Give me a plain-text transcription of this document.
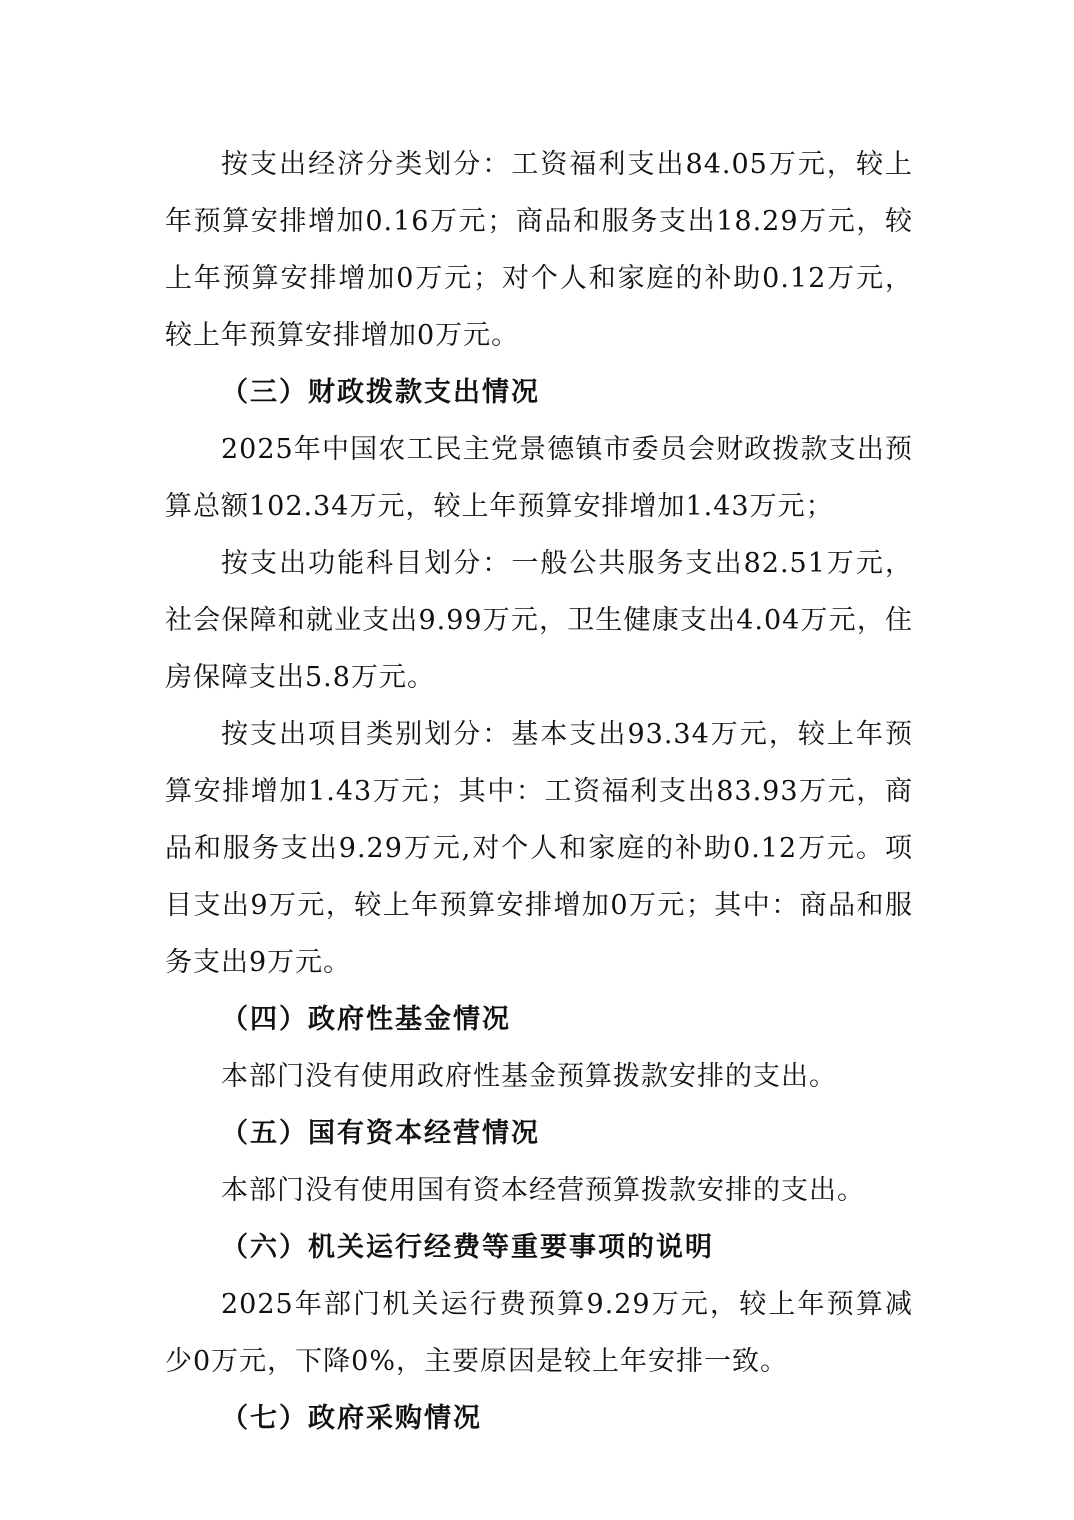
按支出经济分类划分：工资福利支出84.05万元，较上年预算安排增加0.16万元；商品和服务支出18.29万元，较上年预算安排增加0万元；对个人和家庭的补助0.12万元，较上年预算安排增加0万元。

（三）财政拨款支出情况

2025年中国农工民主党景德镇市委员会财政拨款支出预算总额102.34万元，较上年预算安排增加1.43万元；

按支出功能科目划分：一般公共服务支出82.51万元，社会保障和就业支出9.99万元，卫生健康支出4.04万元，住房保障支出5.8万元。

按支出项目类别划分：基本支出93.34万元，较上年预算安排增加1.43万元；其中：工资福利支出83.93万元，商品和服务支出9.29万元,对个人和家庭的补助0.12万元。项目支出9万元，较上年预算安排增加0万元；其中：商品和服务支出9万元。

（四）政府性基金情况

本部门没有使用政府性基金预算拨款安排的支出。

（五）国有资本经营情况

本部门没有使用国有资本经营预算拨款安排的支出。

（六）机关运行经费等重要事项的说明

2025年部门机关运行费预算9.29万元，较上年预算减少0万元，下降0%，主要原因是较上年安排一致。

（七）政府采购情况
